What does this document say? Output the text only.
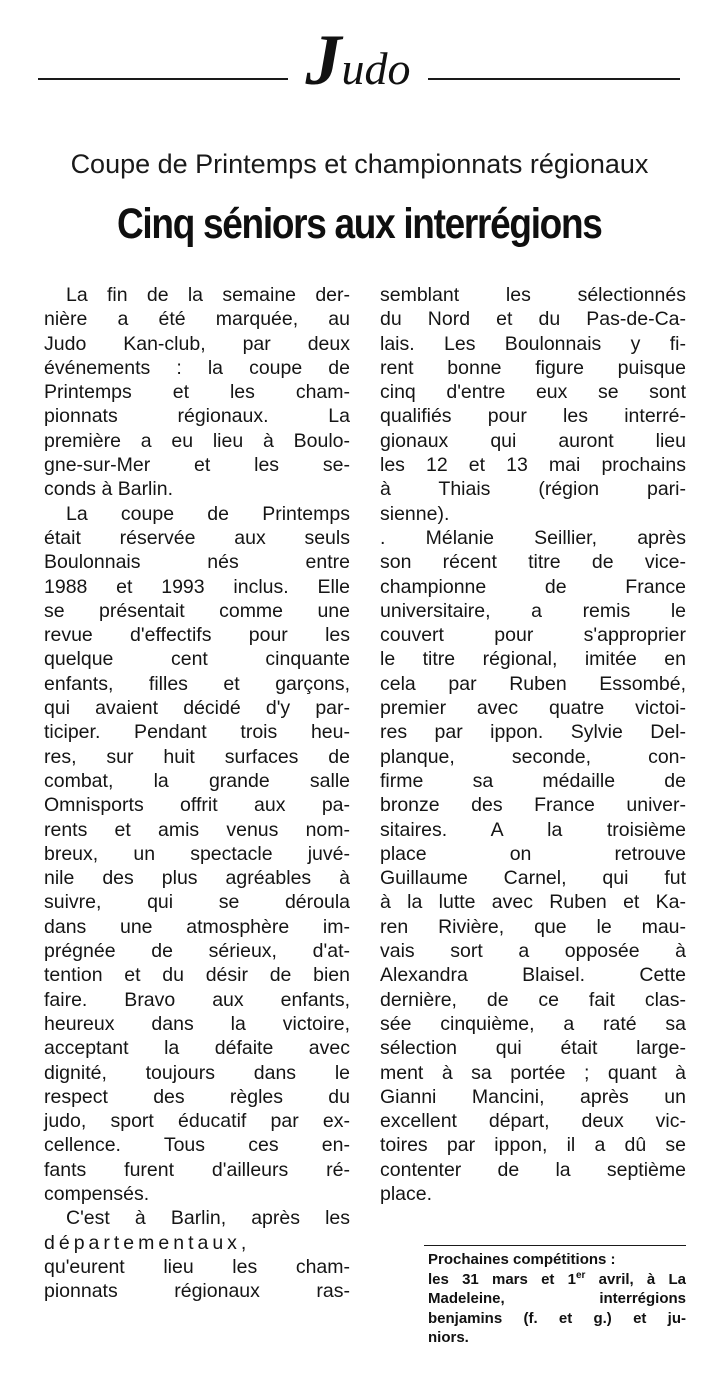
Judo
Coupe de Printemps et championnats régionaux
Cinq séniors aux interrégions
La fin de la semaine der-
nière a été marquée, au
Judo Kan-club, par deux
événements : la coupe de
Printemps et les cham-
pionnats régionaux. La
première a eu lieu à Boulo-
gne-sur-Mer et les se-
conds à Barlin.
La coupe de Printemps
était réservée aux seuls
Boulonnais nés entre
1988 et 1993 inclus. Elle
se présentait comme une
revue d'effectifs pour les
quelque cent cinquante
enfants, filles et garçons,
qui avaient décidé d'y par-
ticiper. Pendant trois heu-
res, sur huit surfaces de
combat, la grande salle
Omnisports offrit aux pa-
rents et amis venus nom-
breux, un spectacle juvé-
nile des plus agréables à
suivre, qui se déroula
dans une atmosphère im-
prégnée de sérieux, d'at-
tention et du désir de bien
faire. Bravo aux enfants,
heureux dans la victoire,
acceptant la défaite avec
dignité, toujours dans le
respect des règles du
judo, sport éducatif par ex-
cellence. Tous ces en-
fants furent d'ailleurs ré-
compensés.
C'est à Barlin, après les
départementaux,
qu'eurent lieu les cham-
pionnats régionaux ras-
semblant les sélectionnés
du Nord et du Pas-de-Ca-
lais. Les Boulonnais y fi-
rent bonne figure puisque
cinq d'entre eux se sont
qualifiés pour les interré-
gionaux qui auront lieu
les 12 et 13 mai prochains
à Thiais (région pari-
sienne).
. Mélanie Seillier, après
son récent titre de vice-
championne de France
universitaire, a remis le
couvert pour s'approprier
le titre régional, imitée en
cela par Ruben Essombé,
premier avec quatre victoi-
res par ippon. Sylvie Del-
planque, seconde, con-
firme sa médaille de
bronze des France univer-
sitaires. A la troisième
place on retrouve
Guillaume Carnel, qui fut
à la lutte avec Ruben et Ka-
ren Rivière, que le mau-
vais sort a opposée à
Alexandra Blaisel. Cette
dernière, de ce fait clas-
sée cinquième, a raté sa
sélection qui était large-
ment à sa portée ; quant à
Gianni Mancini, après un
excellent départ, deux vic-
toires par ippon, il a dû se
contenter de la septième
place.
Prochaines compétitions :
les 31 mars et 1er avril, à La
Madeleine, interrégions
benjamins (f. et g.) et ju-
niors.
